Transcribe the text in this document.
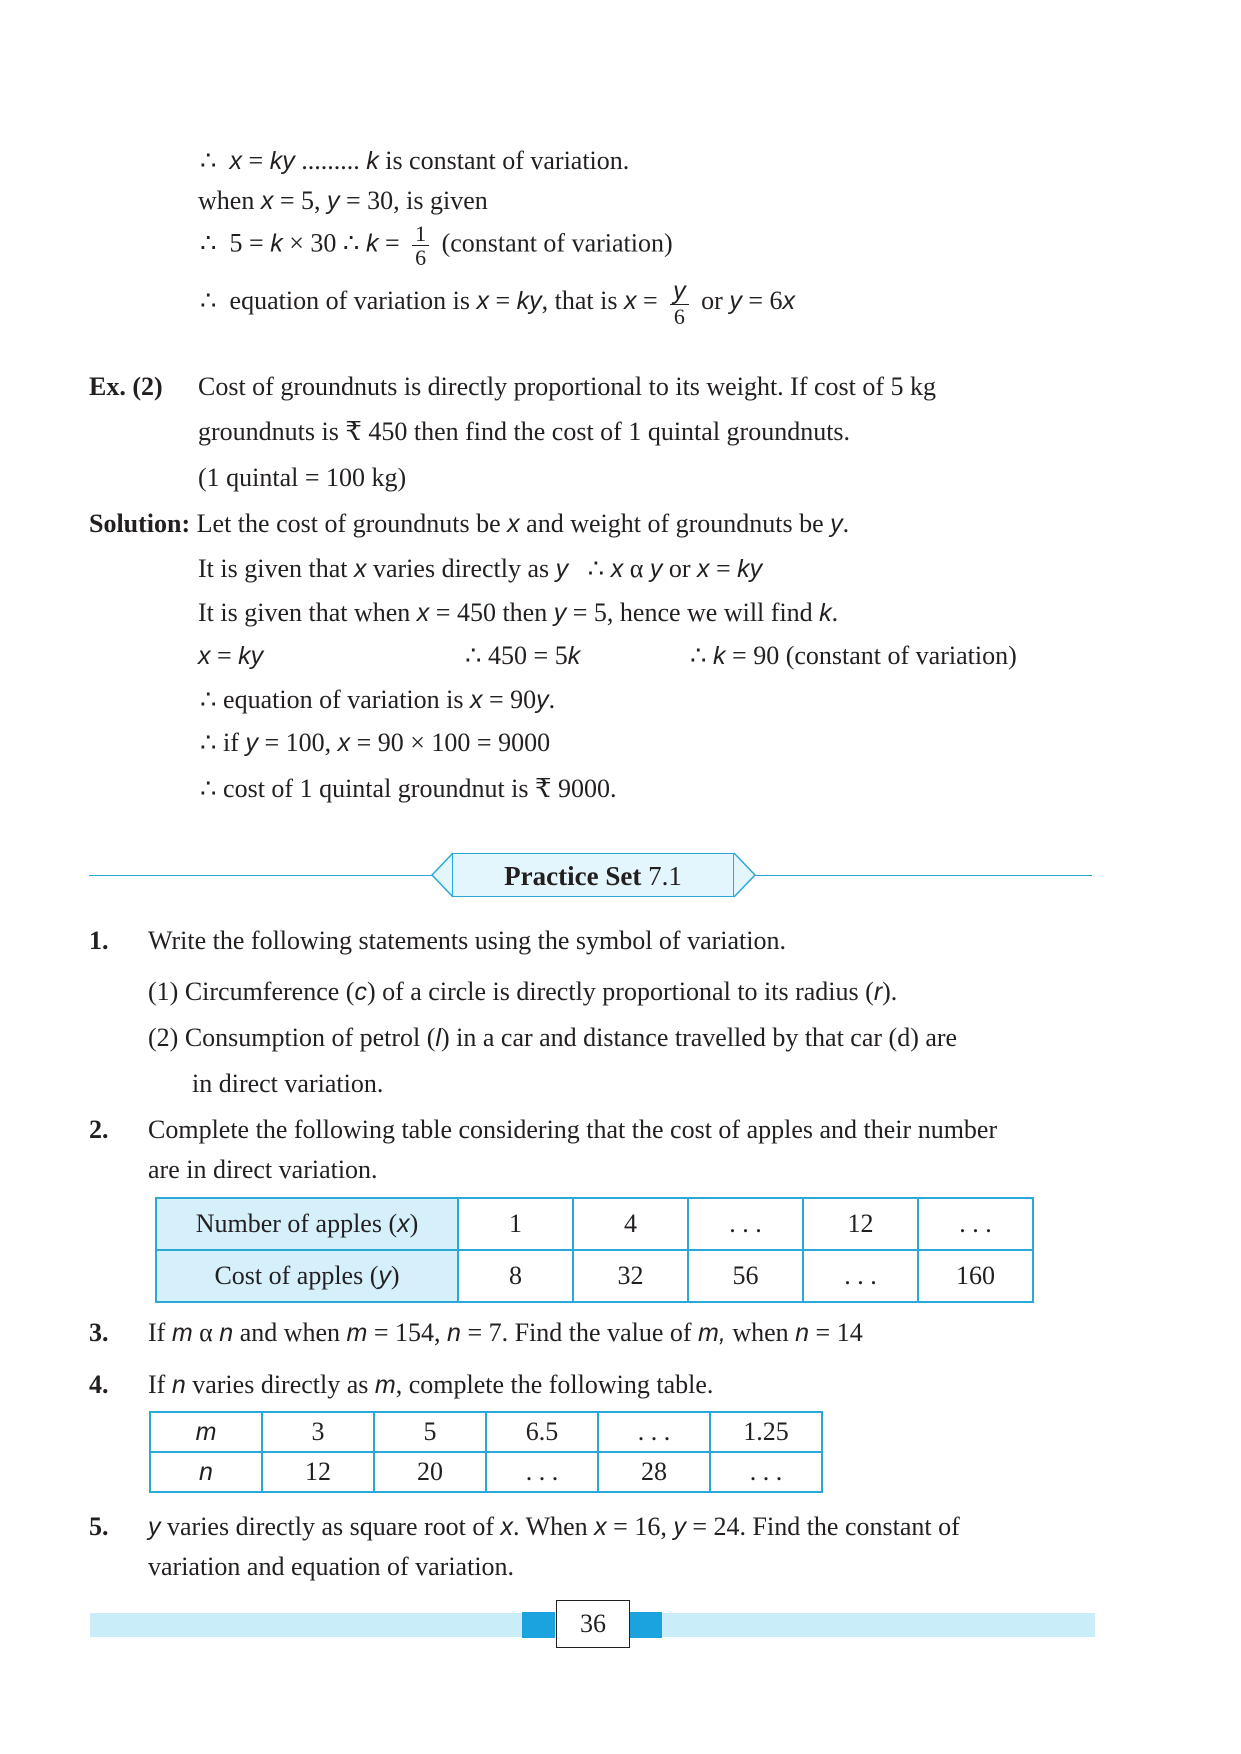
∴ x = ky ......... k is constant of variation.
when x = 5, y = 30, is given
∴ 5 = k × 30 ∴ $k = \frac{1}{6}$ (constant of variation)
∴ equation of variation is x = ky, that is $x = \frac{y}{6}$ or y = 6x
Ex. (2) Cost of groundnuts is directly proportional to its weight. If cost of 5 kg
groundnuts is ₹ 450 then find the cost of 1 quintal groundnuts.
(1 quintal = 100 kg)
Solution: Let the cost of groundnuts be x and weight of groundnuts be y.
It is given that x varies directly as y ∴ x α y or x = ky
It is given that when x = 450 then y = 5, hence we will find k.
x = ky	∴ 450 = 5k	∴ k = 90 (constant of variation)
∴ equation of variation is x = 90y.
∴ if y = 100, x = 90 × 100 = 9000
∴ cost of 1 quintal groundnut is ₹ 9000.
Practice Set 7.1
1. Write the following statements using the symbol of variation.
(1) Circumference (c) of a circle is directly proportional to its radius (r).
(2) Consumption of petrol (l) in a car and distance travelled by that car (d) are
in direct variation.
2. Complete the following table considering that the cost of apples and their number
are in direct variation.
Number of apples (x)	1	4	. . .	12	. . .
Cost of apples (y)	8	32	56	. . .	160
3. If m α n and when m = 154, n = 7. Find the value of m, when n = 14
4. If n varies directly as m, complete the following table.
m	3	5	6.5	. . .	1.25
n	12	20	. . .	28	. . .
5. y varies directly as square root of x. When x = 16, y = 24. Find the constant of
variation and equation of variation.
36
